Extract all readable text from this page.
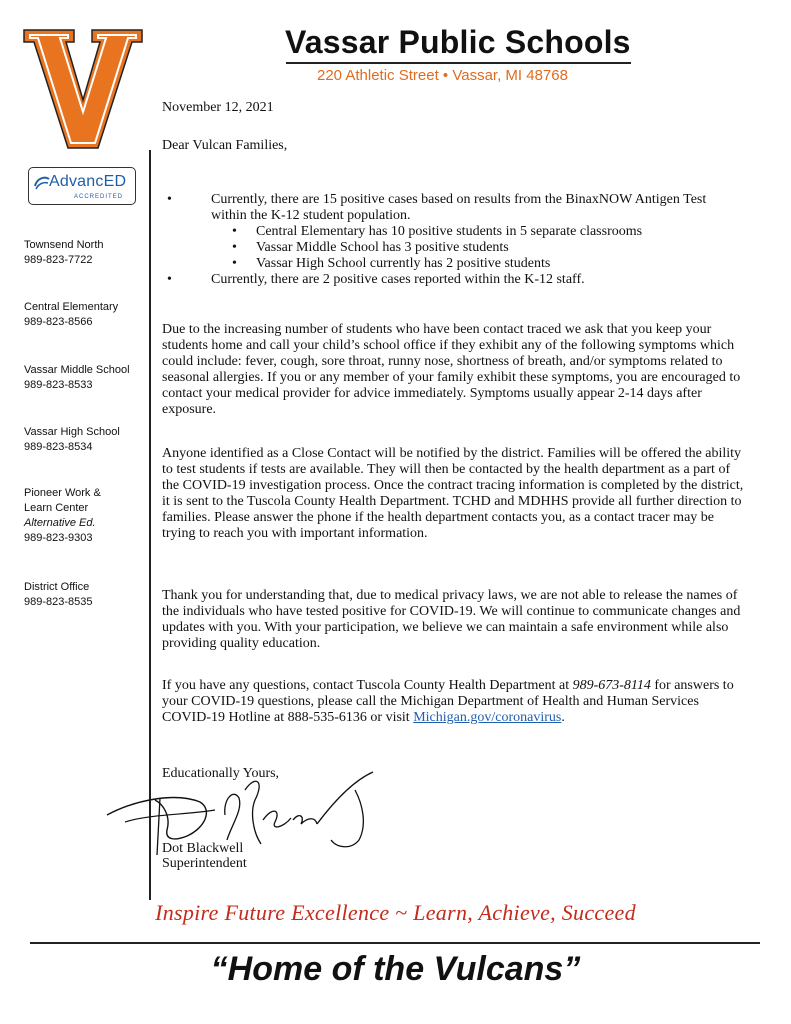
AdvancED
ACCREDITED
Townsend North
989-823-7722
Central Elementary
989-823-8566
Vassar Middle School
989-823-8533
Vassar High School
989-823-8534
Pioneer Work &
Learn Center
Alternative Ed.
989-823-9303
District Office
989-823-8535
Vassar Public Schools
220 Athletic Street • Vassar, MI 48768
November 12, 2021
Dear Vulcan Families,
• Currently, there are 15 positive cases based on results from the BinaxNOW Antigen Test within the K-12 student population.
• Central Elementary has 10 positive students in 5 separate classrooms
• Vassar Middle School has 3 positive students
• Vassar High School currently has 2 positive students
• Currently, there are 2 positive cases reported within the K-12 staff.
Due to the increasing number of students who have been contact traced we ask that you keep your students home and call your child’s school office if they exhibit any of the following symptoms which could include: fever, cough, sore throat, runny nose, shortness of breath, and/or symptoms related to seasonal allergies. If you or any member of your family exhibit these symptoms, you are encouraged to contact your medical provider for advice immediately. Symptoms usually appear 2-14 days after exposure.
Anyone identified as a Close Contact will be notified by the district. Families will be offered the ability to test students if tests are available. They will then be contacted by the health department as a part of the COVID-19 investigation process. Once the contract tracing information is completed by the district, it is sent to the Tuscola County Health Department. TCHD and MDHHS provide all further direction to families. Please answer the phone if the health department contacts you, as a contact tracer may be trying to reach you with important information.
Thank you for understanding that, due to medical privacy laws, we are not able to release the names of the individuals who have tested positive for COVID-19. We will continue to communicate changes and updates with you. With your participation, we believe we can maintain a safe environment while also providing quality education.
If you have any questions, contact Tuscola County Health Department at 989-673-8114 for answers to your COVID-19 questions, please call the Michigan Department of Health and Human Services COVID-19 Hotline at 888-535-6136 or visit Michigan.gov/coronavirus.
Educationally Yours,
Dot Blackwell
Superintendent
Inspire Future Excellence ~ Learn, Achieve, Succeed
“Home of the Vulcans”
